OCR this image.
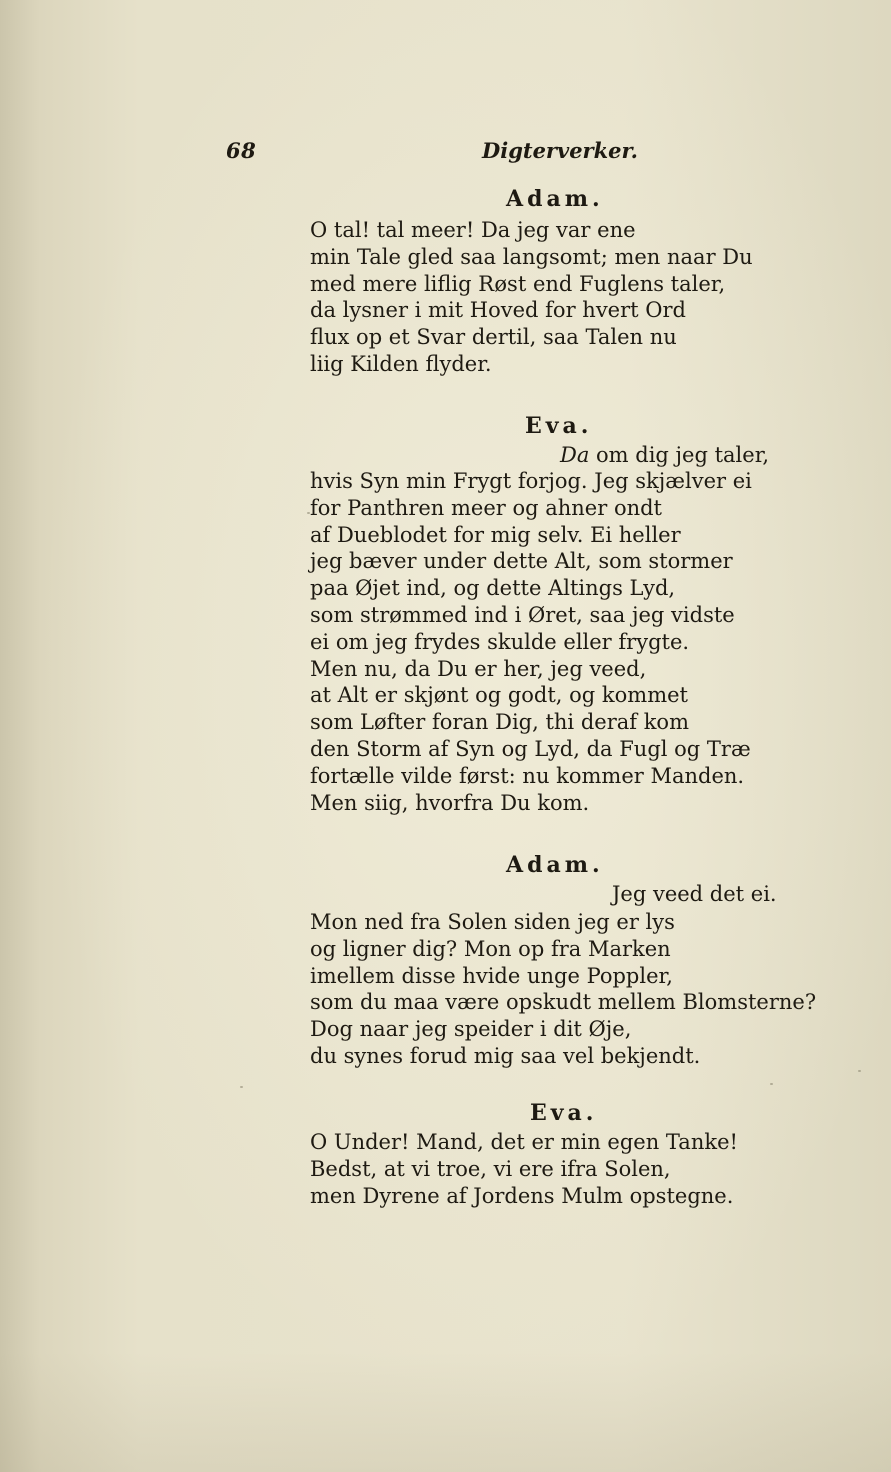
68	Digterverker.
Adam.
O tal! tal meer! Da jeg var ene
min Tale gled saa langsomt; men naar Du
med mere liflig Røst end Fuglens taler,
da lysner i mit Hoved for hvert Ord
flux op et Svar dertil, saa Talen nu
liig Kilden flyder.
Eva.
Da om dig jeg taler,
hvis Syn min Frygt forjog. Jeg skjælver ei
for Panthren meer og ahner ondt
af Dueblodet for mig selv. Ei heller
jeg bæver under dette Alt, som stormer
paa Øjet ind, og dette Altings Lyd,
som strømmed ind i Øret, saa jeg vidste
ei om jeg frydes skulde eller frygte.
Men nu, da Du er her, jeg veed,
at Alt er skjønt og godt, og kommet
som Løfter foran Dig, thi deraf kom
den Storm af Syn og Lyd, da Fugl og Træ
fortælle vilde først: nu kommer Manden.
Men siig, hvorfra Du kom.
Adam.
Jeg veed det ei.
Mon ned fra Solen siden jeg er lys
og ligner dig? Mon op fra Marken
imellem disse hvide unge Poppler,
som du maa være opskudt mellem Blomsterne?
Dog naar jeg speider i dit Øje,
du synes forud mig saa vel bekjendt.
Eva.
O Under! Mand, det er min egen Tanke!
Bedst, at vi troe, vi ere ifra Solen,
men Dyrene af Jordens Mulm opstegne.
